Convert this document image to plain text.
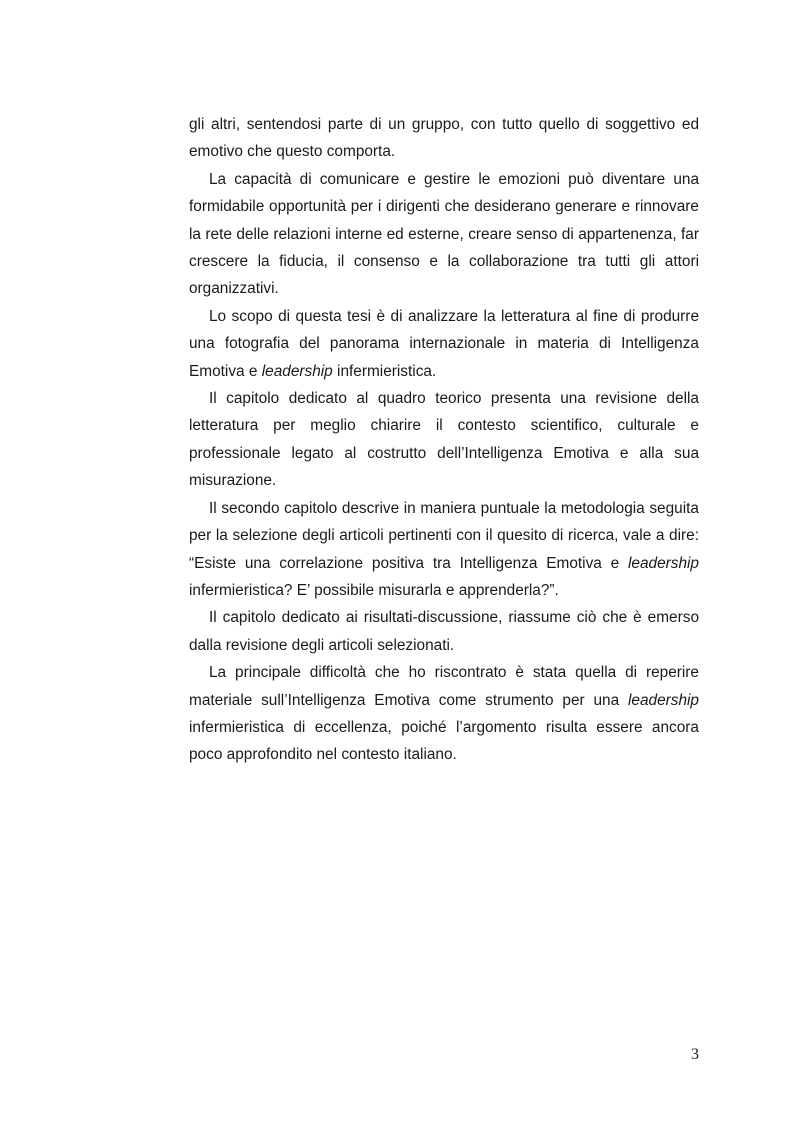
gli altri, sentendosi parte di un gruppo, con tutto quello di soggettivo ed emotivo che questo comporta.

La capacità di comunicare e gestire le emozioni può diventare una formidabile opportunità per i dirigenti che desiderano generare e rinnovare la rete delle relazioni interne ed esterne, creare senso di appartenenza, far crescere la fiducia, il consenso e la collaborazione tra tutti gli attori organizzativi.

Lo scopo di questa tesi è di analizzare la letteratura al fine di produrre una fotografia del panorama internazionale in materia di Intelligenza Emotiva e leadership infermieristica.

Il capitolo dedicato al quadro teorico presenta una revisione della letteratura per meglio chiarire il contesto scientifico, culturale e professionale legato al costrutto dell’Intelligenza Emotiva e alla sua misurazione.

Il secondo capitolo descrive in maniera puntuale la metodologia seguita per la selezione degli articoli pertinenti con il quesito di ricerca, vale a dire: “Esiste una correlazione positiva tra Intelligenza Emotiva e leadership infermieristica? E’ possibile misurarla e apprenderla?”.

Il capitolo dedicato ai risultati-discussione, riassume ciò che è emerso dalla revisione degli articoli selezionati.

La principale difficoltà che ho riscontrato è stata quella di reperire materiale sull’Intelligenza Emotiva come strumento per una leadership infermieristica di eccellenza, poiché l’argomento risulta essere ancora poco approfondito nel contesto italiano.

3
